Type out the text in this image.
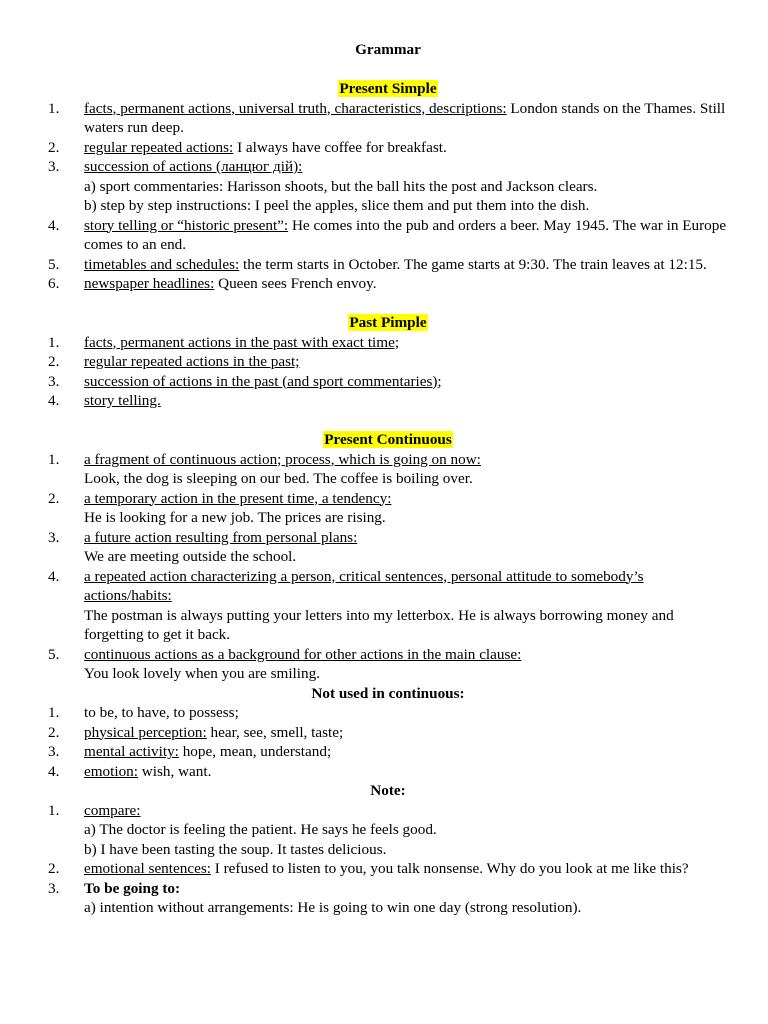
Grammar

Present Simple

1.	facts, permanent actions, universal truth, characteristics, descriptions: London stands on the Thames. Still waters run deep.
2.	regular repeated actions: I always have coffee for breakfast.
3.	succession of actions (ланцюг дій):
a) sport commentaries: Harisson shoots, but the ball hits the post and Jackson clears.
b) step by step instructions: I peel the apples, slice them and put them into the dish.
4.	story telling or “historic present”: He comes into the pub and orders a beer. May 1945. The war in Europe comes to an end.
5.	timetables and schedules: the term starts in October. The game starts at 9:30. The train leaves at 12:15.
6.	newspaper headlines: Queen sees French envoy.

Past Pimple

1.	facts, permanent actions in the past with exact time;
2.	regular repeated actions in the past;
3.	succession of actions in the past (and sport commentaries);
4.	story telling.

Present Continuous

1.	a fragment of continuous action; process, which is going on now:
Look, the dog is sleeping on our bed. The coffee is boiling over.
2.	a temporary action in the present time, a tendency:
He is looking for a new job. The prices are rising.
3.	a future action resulting from personal plans:
We are meeting outside the school.
4.	a repeated action characterizing a person, critical sentences, personal attitude to somebody’s actions/habits:
The postman is always putting your letters into my letterbox. He is always borrowing money and forgetting to get it back.
5.	continuous actions as a background for other actions in the main clause:
You look lovely when you are smiling.

Not used in continuous:

1.	to be, to have, to possess;
2.	physical perception: hear, see, smell, taste;
3.	mental activity: hope, mean, understand;
4.	emotion: wish, want.

Note:

1.	compare:
a) The doctor is feeling the patient. He says he feels good.
b) I have been tasting the soup. It tastes delicious.
2.	emotional sentences: I refused to listen to you, you talk nonsense. Why do you look at me like this?
3.	To be going to:
a) intention without arrangements: He is going to win one day (strong resolution).
